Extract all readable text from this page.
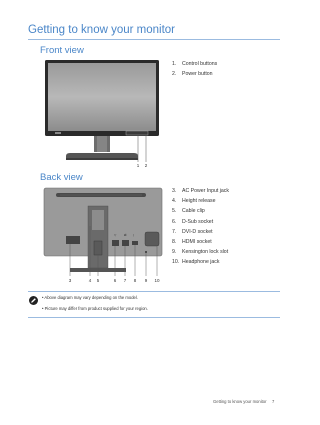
Getting to know your monitor
Front view
1 2
1. Control buttons
2. Power button
Back view
▽	⇌ |
3	4 5	6 7 8 9 10
3. AC Power Input jack
4. Height release
5. Cable clip
6. D-Sub socket
7. DVI-D socket
8. HDMI socket
9. Kensington lock slot
10. Headphone jack
• Above diagram may vary depending on the model.
• Picture may differ from product supplied for your region.
Getting to know your monitor 7
